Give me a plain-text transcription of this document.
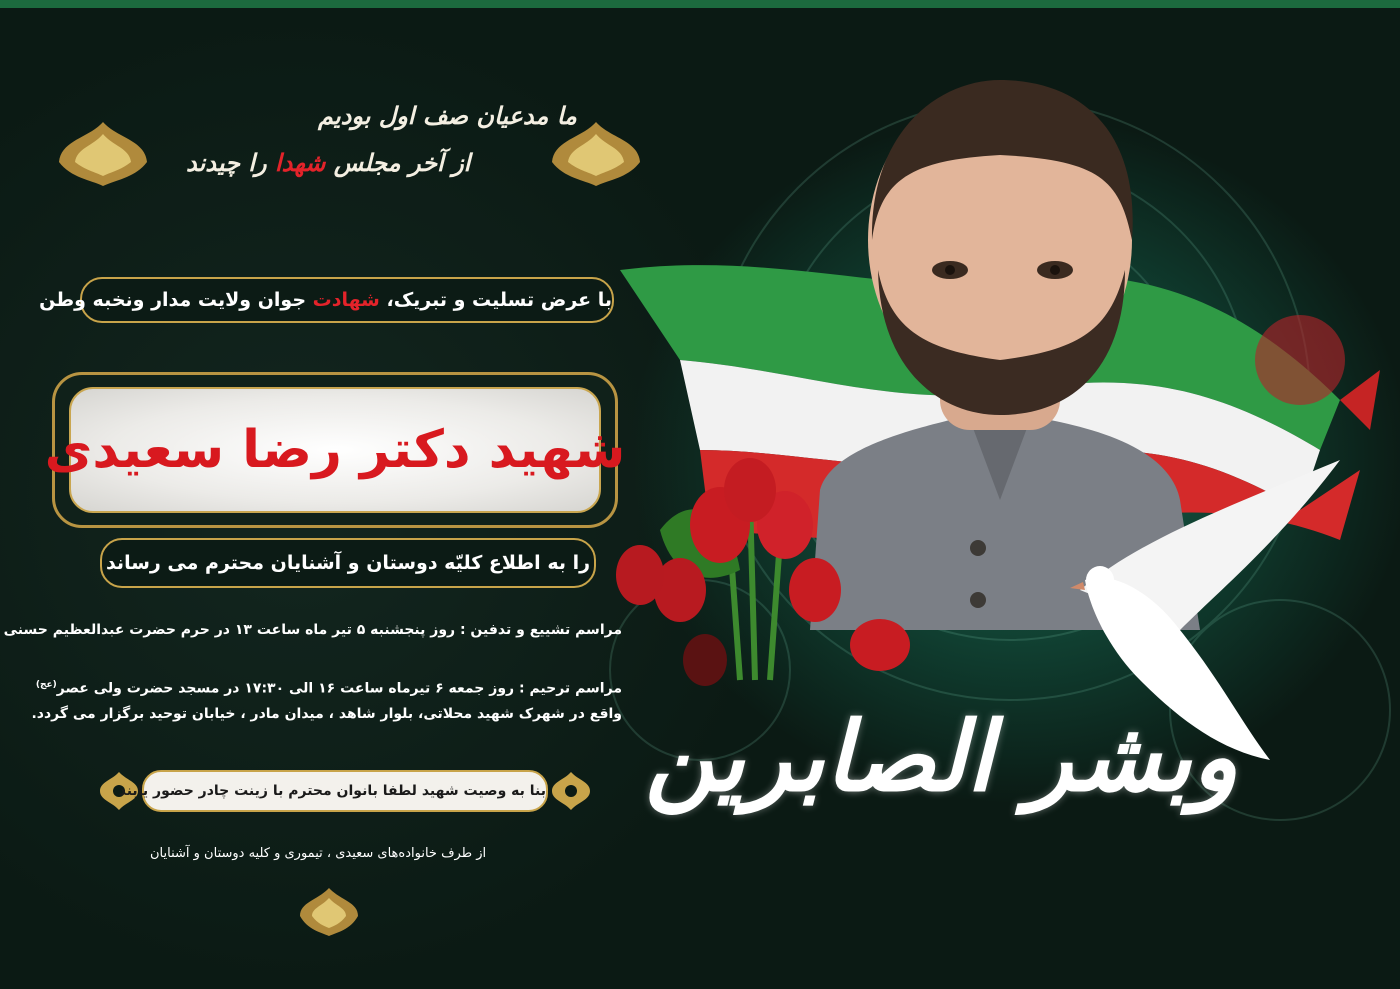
وبشر الصابرین
ما مدعیان صف اول بودیم
از آخر مجلس شهدا را چیدند
با عرض تسلیت و تبریک، شهادت جوان ولایت مدار ونخبه وطن
شهید دکتر رضا سعیدی
را به اطلاع کلیّه دوستان و آشنایان محترم می رساند
مراسم تشییع و تدفین : روز پنجشنبه ۵ تیر ماه ساعت ۱۳ در حرم حضرت عبدالعظیم حسنی
مراسم ترحیم : روز جمعه ۶ تیرماه ساعت ۱۶ الی ۱۷:۳۰ در مسجد حضرت ولی عصر$^{(عج)}$
واقع در شهرک شهید محلاتی، بلوار شاهد ، میدان مادر ، خیابان توحید برگزار می گردد.
بنا به وصیت شهید لطفا بانوان محترم با زینت چادر حضور یابند
از طرف خانواده‌های سعیدی ، تیموری و کلیه دوستان و آشنایان
